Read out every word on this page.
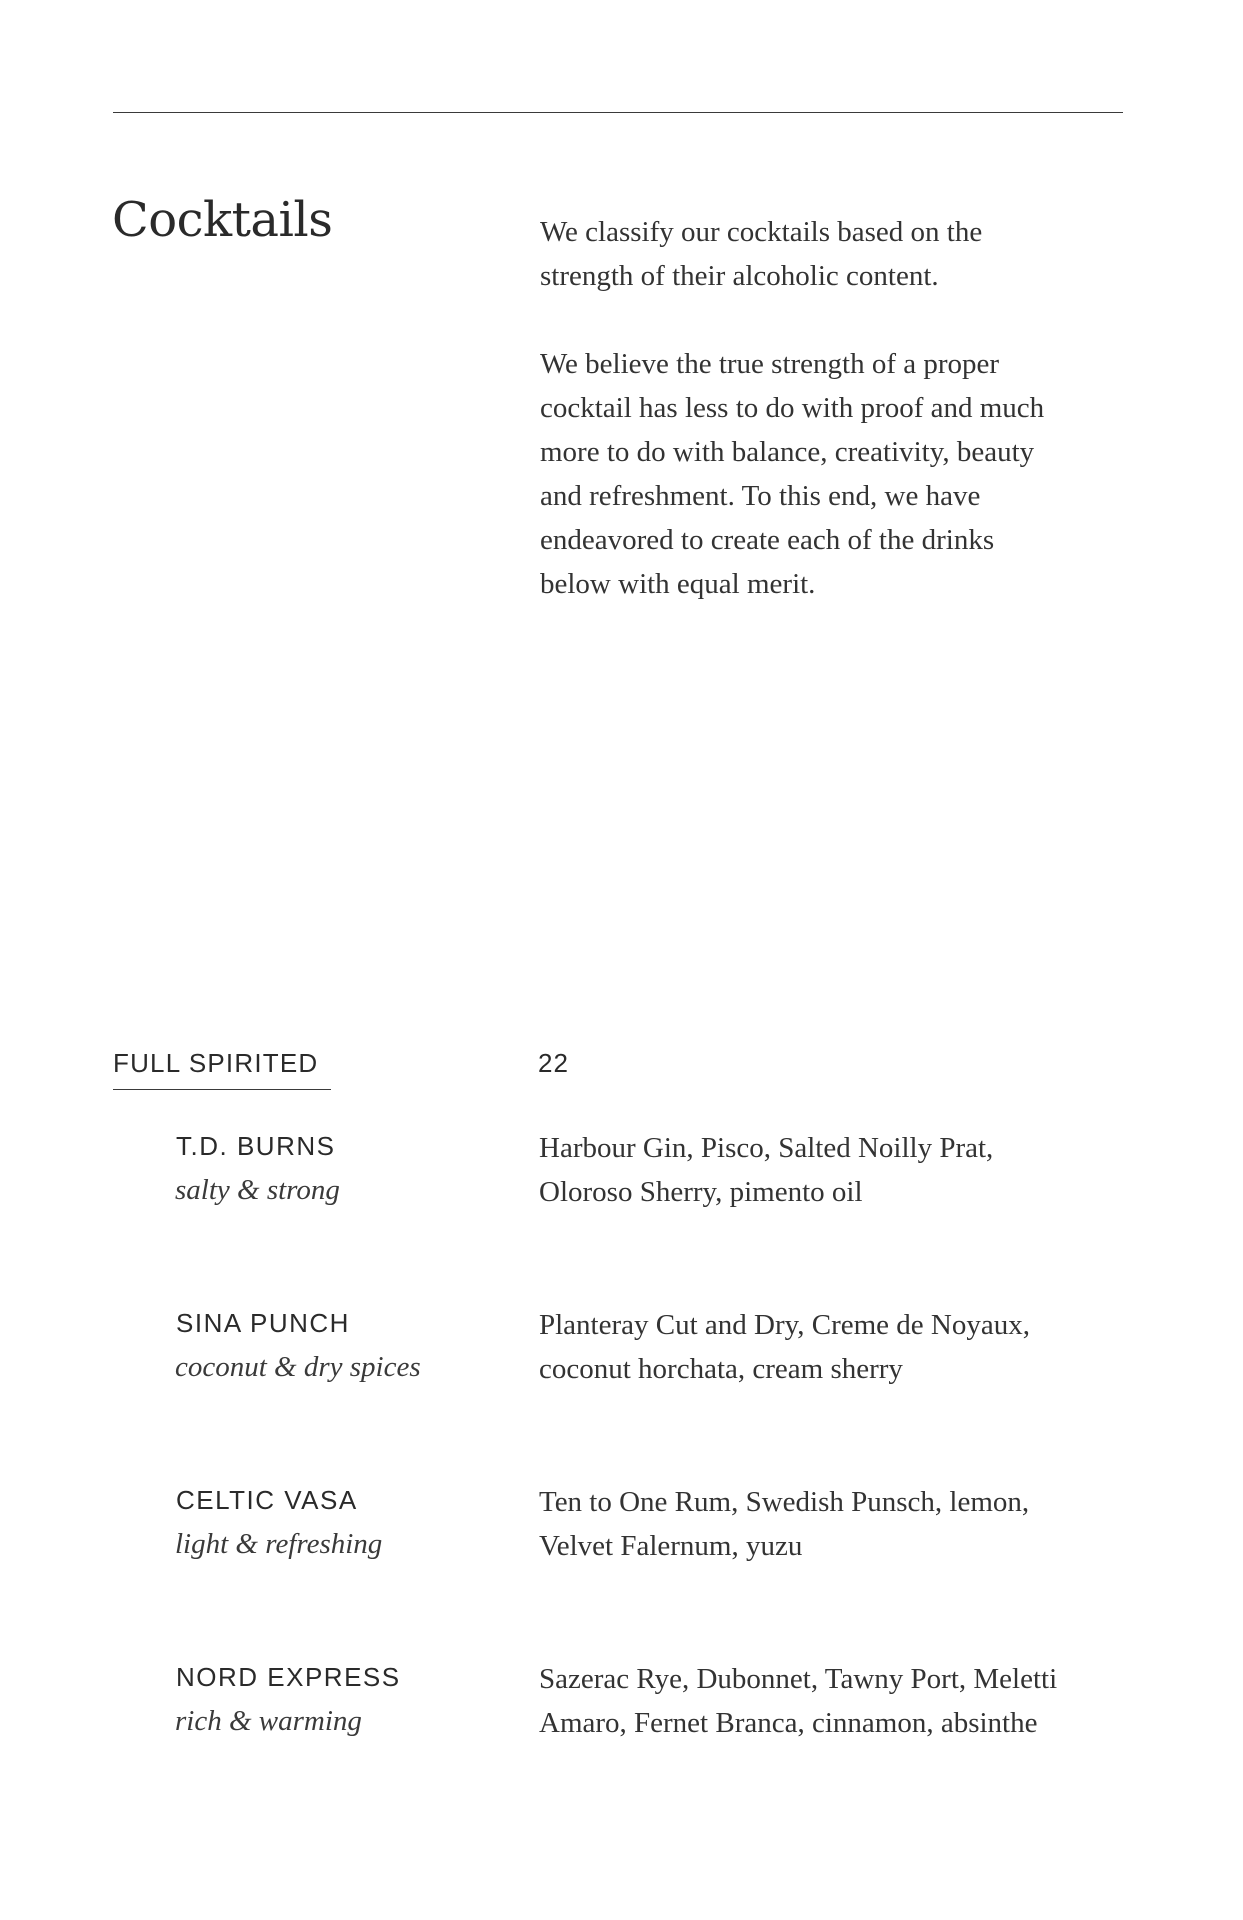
Cocktails	We classify our cocktails based on the
strength of their alcoholic content.

We believe the true strength of a proper
cocktail has less to do with proof and much
more to do with balance, creativity, beauty
and refreshment. To this end, we have
endeavored to create each of the drinks
below with equal merit.

FULL SPIRITED	22
T.D. BURNS
salty & strong

Harbour Gin, Pisco, Salted Noilly Prat,
Oloroso Sherry, pimento oil

SINA PUNCH
coconut & dry spices

Planteray Cut and Dry, Creme de Noyaux,
coconut horchata, cream sherry

CELTIC VASA
light & refreshing

Ten to One Rum, Swedish Punsch, lemon,
Velvet Falernum, yuzu

NORD EXPRESS
rich & warming

Sazerac Rye, Dubonnet, Tawny Port, Meletti
Amaro, Fernet Branca, cinnamon, absinthe
